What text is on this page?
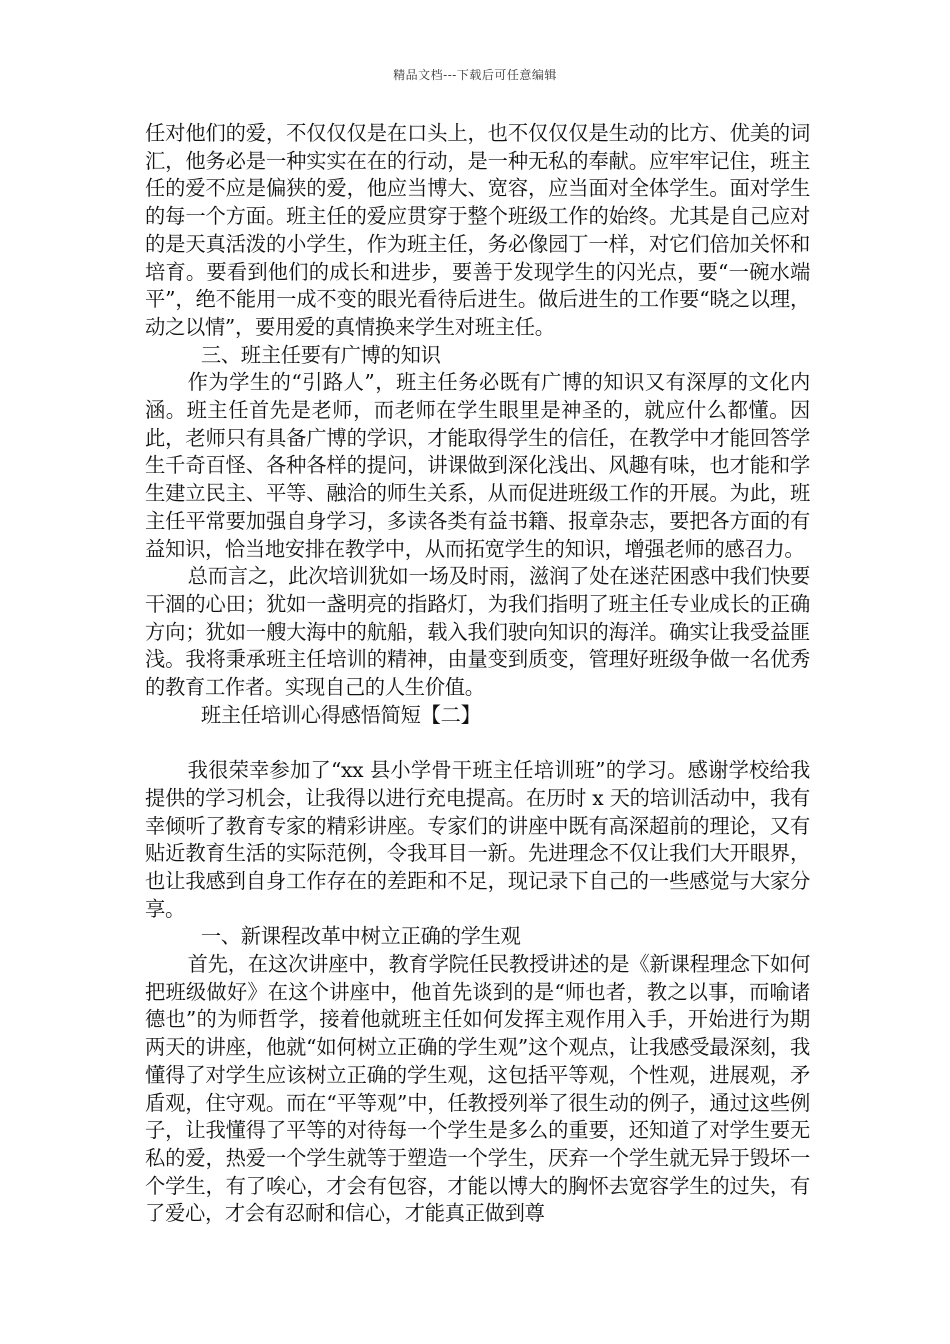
精品文档---下载后可任意编辑

任对他们的爱，不仅仅仅是在口头上，也不仅仅仅是生动的比方、优美的词汇，他务必是一种实实在在的行动，是一种无私的奉献。应牢牢记住，班主任的爱不应是偏狭的爱，他应当博大、宽容，应当面对全体学生。面对学生的每一个方面。班主任的爱应贯穿于整个班级工作的始终。尤其是自己应对的是天真活泼的小学生，作为班主任，务必像园丁一样，对它们倍加关怀和培育。要看到他们的成长和进步，要善于发现学生的闪光点，要“一碗水端平”，绝不能用一成不变的眼光看待后进生。做后进生的工作要“晓之以理，动之以情”，要用爱的真情换来学生对班主任。

三、班主任要有广博的知识

作为学生的“引路人”，班主任务必既有广博的知识又有深厚的文化内涵。班主任首先是老师，而老师在学生眼里是神圣的，就应什么都懂。因此，老师只有具备广博的学识，才能取得学生的信任，在教学中才能回答学生千奇百怪、各种各样的提问，讲课做到深化浅出、风趣有味，也才能和学生建立民主、平等、融洽的师生关系，从而促进班级工作的开展。为此，班主任平常要加强自身学习，多读各类有益书籍、报章杂志，要把各方面的有益知识，恰当地安排在教学中，从而拓宽学生的知识，增强老师的感召力。

总而言之，此次培训犹如一场及时雨，滋润了处在迷茫困惑中我们快要干涸的心田；犹如一盏明亮的指路灯，为我们指明了班主任专业成长的正确方向；犹如一艘大海中的航船，载入我们驶向知识的海洋。确实让我受益匪浅。我将秉承班主任培训的精神，由量变到质变，管理好班级争做一名优秀的教育工作者。实现自己的人生价值。

班主任培训心得感悟简短【二】

我很荣幸参加了“xx 县小学骨干班主任培训班”的学习。感谢学校给我提供的学习机会，让我得以进行充电提高。在历时 x 天的培训活动中，我有幸倾听了教育专家的精彩讲座。专家们的讲座中既有高深超前的理论，又有贴近教育生活的实际范例，令我耳目一新。先进理念不仅让我们大开眼界，也让我感到自身工作存在的差距和不足，现记录下自己的一些感觉与大家分享。

一、新课程改革中树立正确的学生观

首先，在这次讲座中，教育学院任民教授讲述的是《新课程理念下如何把班级做好》在这个讲座中，他首先谈到的是“师也者，教之以事，而喻诸德也”的为师哲学，接着他就班主任如何发挥主观作用入手，开始进行为期两天的讲座，他就“如何树立正确的学生观”这个观点，让我感受最深刻，我懂得了对学生应该树立正确的学生观，这包括平等观，个性观，进展观，矛盾观，住守观。而在“平等观”中，任教授列举了很生动的例子，通过这些例子，让我懂得了平等的对待每一个学生是多么的重要，还知道了对学生要无私的爱，热爱一个学生就等于塑造一个学生，厌弃一个学生就无异于毁坏一个学生，有了唉心，才会有包容，才能以博大的胸怀去宽容学生的过失，有了爱心，才会有忍耐和信心，才能真正做到尊
